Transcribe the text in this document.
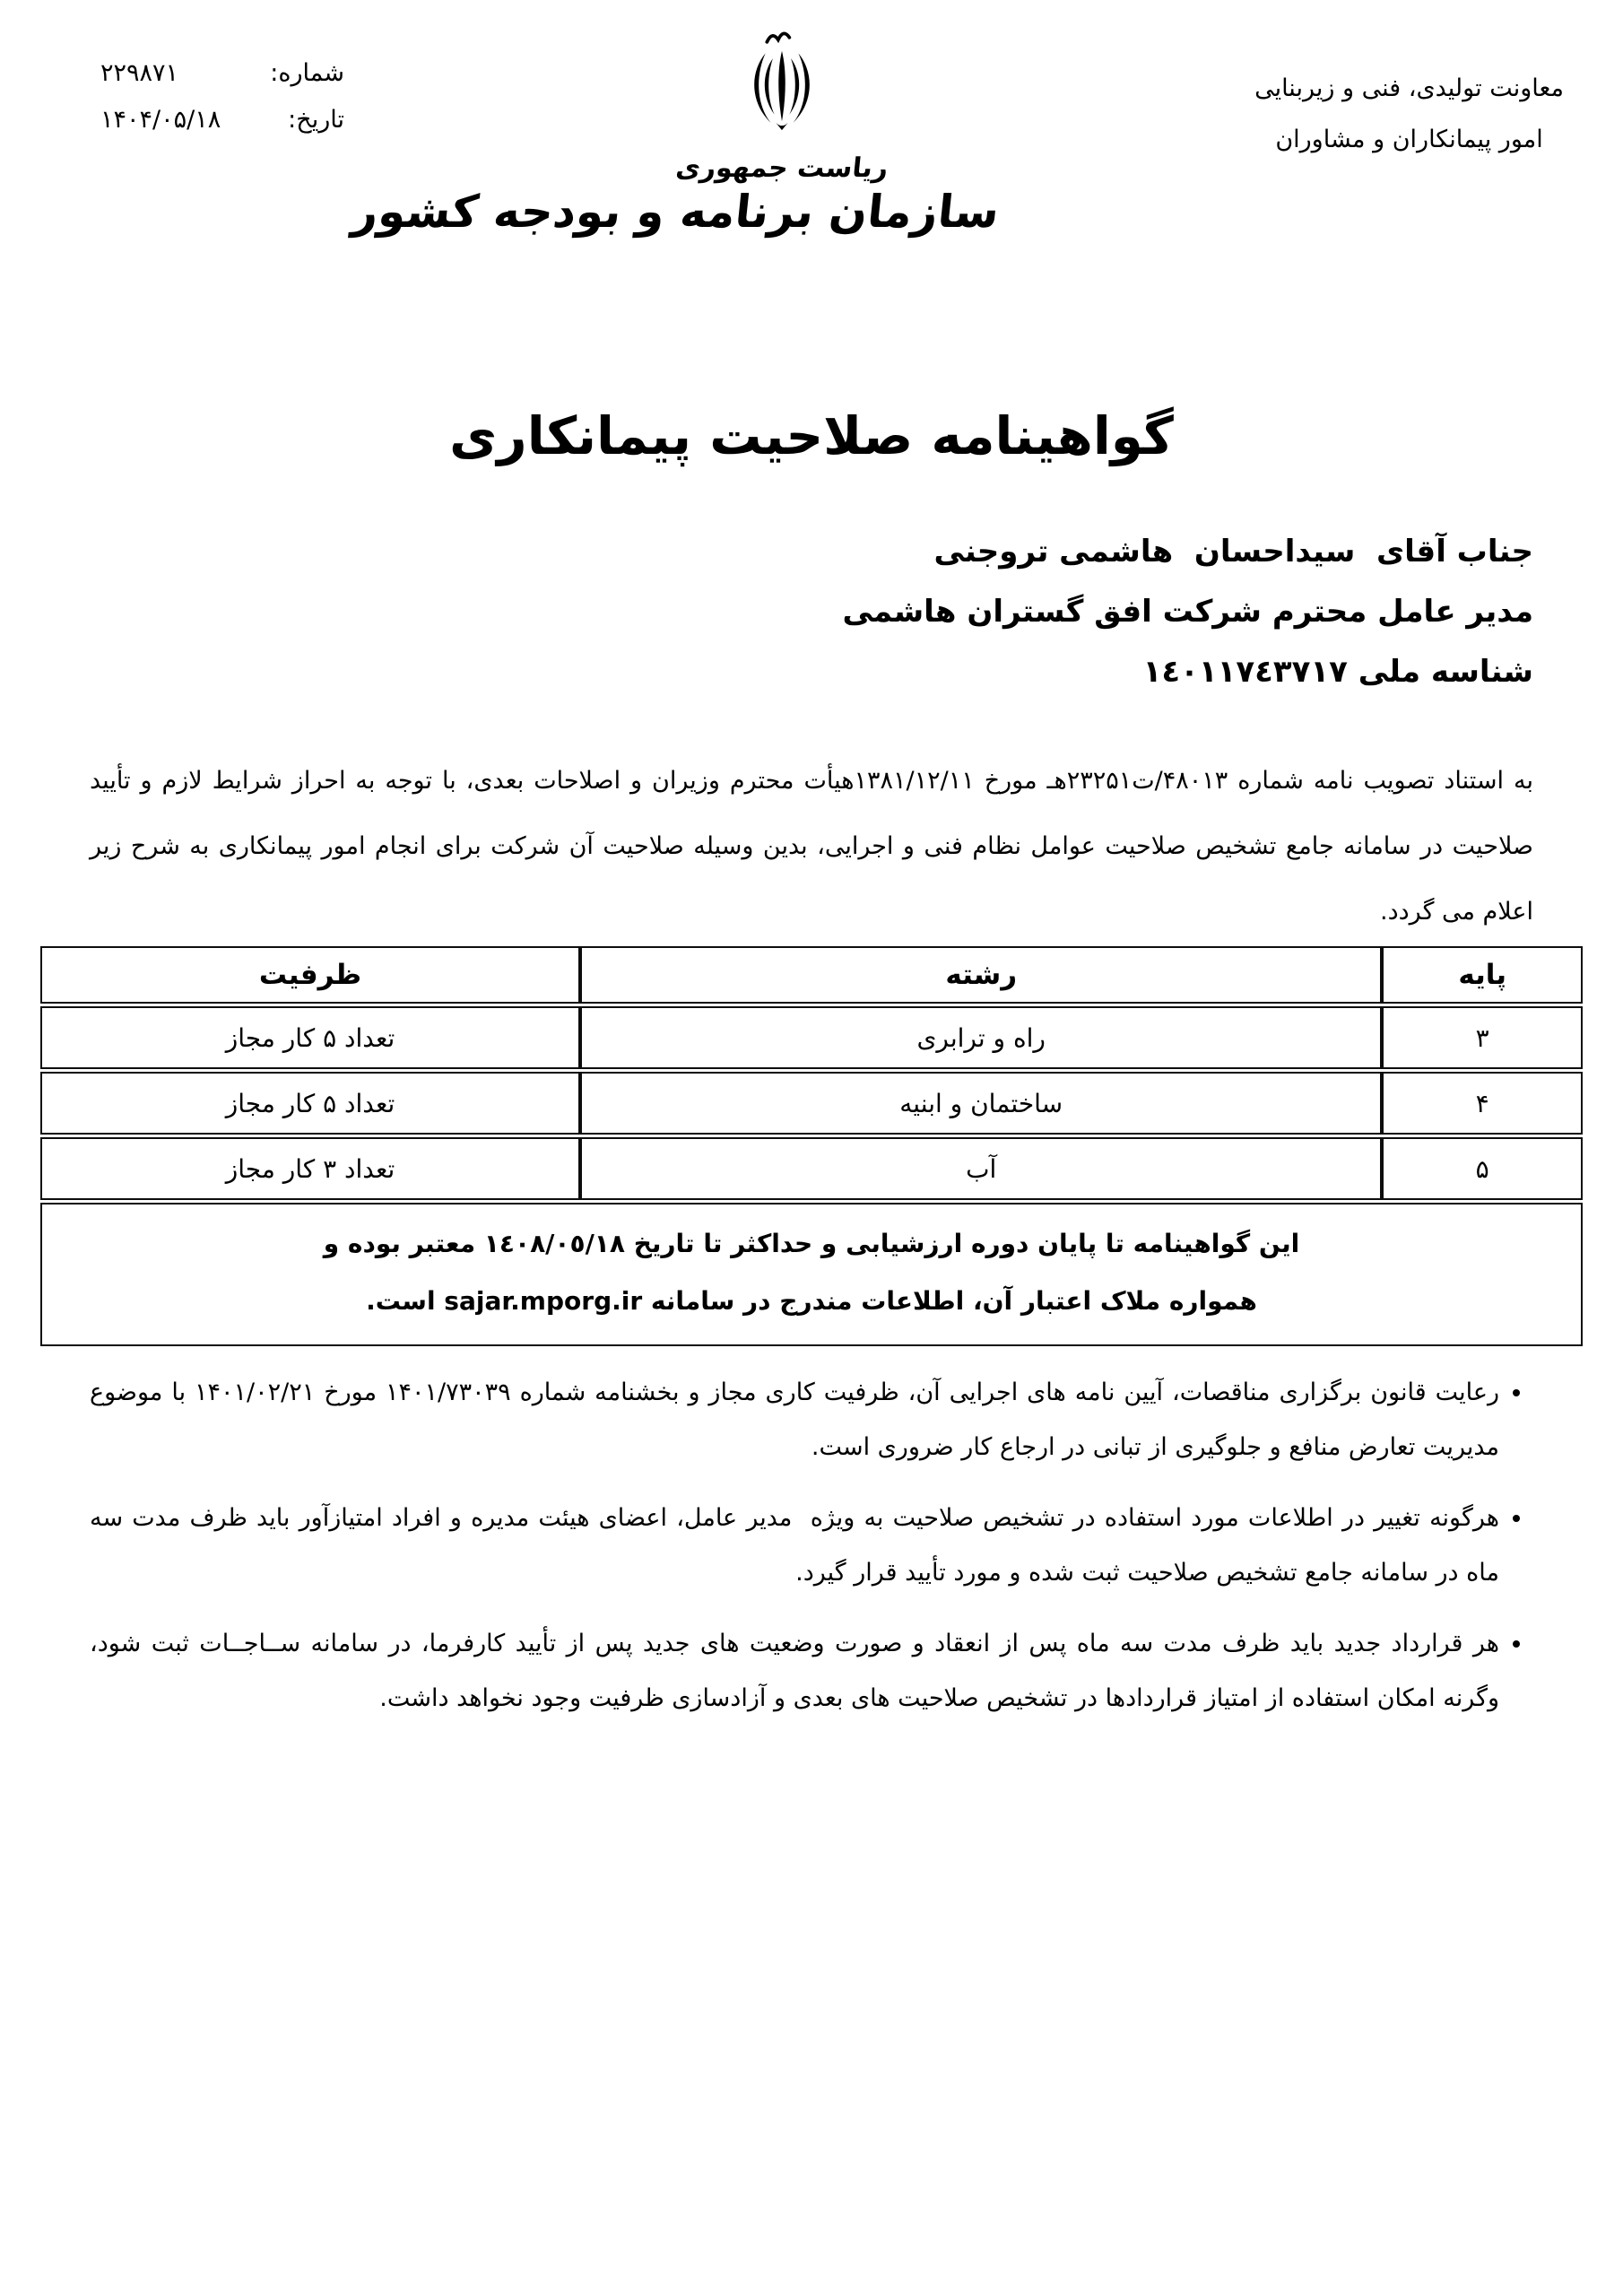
شماره:
۲۲۹۸۷۱
تاریخ:
۱۴۰۴/۰۵/۱۸
معاونت تولیدی، فنی و زیربنایی
امور پیمانکاران و مشاوران
ریاست جمهوری
سازمان برنامه و بودجه کشور
گواهینامه صلاحیت پیمانکاری
جناب آقای  سیداحسان  هاشمی تروجنی
مدیر عامل محترم شرکت افق گستران هاشمی
شناسه ملی ١٤٠١١٧٤٣٧١٧

به استناد تصویب نامه شماره ۴۸۰۱۳/ت۲۳۲۵۱هـ مورخ ۱۳۸۱/۱۲/۱۱هیأت محترم وزیران و اصلاحات بعدی، با توجه به احراز شرایط لازم و تأیید صلاحیت در سامانه جامع تشخیص صلاحیت عوامل نظام فنی و اجرایی، بدین وسیله صلاحیت آن شرکت برای انجام امور پیمانکاری به شرح زیر اعلام می گردد.

پایه	رشته	ظرفیت
۳	راه و ترابری	تعداد ۵ کار مجاز
۴	ساختمان و ابنیه	تعداد ۵ کار مجاز
۵	آب	تعداد ۳ کار مجاز

این گواهینامه تا پایان دوره ارزشیابی و حداکثر تا تاریخ ١٤٠٨/٠٥/١٨ معتبر بوده و
همواره ملاک اعتبار آن، اطلاعات مندرج در سامانه sajar.mporg.ir است.		
• رعایت قانون برگزاری مناقصات، آیین نامه های اجرایی آن، ظرفیت کاری مجاز و بخشنامه شماره ۱۴۰۱/۷۳۰۳۹ مورخ ۱۴۰۱/۰۲/۲۱ با موضوع مدیریت تعارض منافع و جلوگیری از تبانی در ارجاع کار ضروری است.
• هرگونه تغییر در اطلاعات مورد استفاده در تشخیص صلاحیت به ویژه  مدیر عامل، اعضای هیئت مدیره و افراد امتیازآور باید ظرف مدت سه ماه در سامانه جامع تشخیص صلاحیت ثبت شده و مورد تأیید قرار گیرد.
• هر قرارداد جدید باید ظرف مدت سه ماه پس از انعقاد و صورت وضعیت های جدید پس از تأیید کارفرما، در سامانه ســاجــات ثبت شود، وگرنه امکان استفاده از امتیاز قراردادها در تشخیص صلاحیت های بعدی و آزادسازی ظرفیت وجود نخواهد داشت.
